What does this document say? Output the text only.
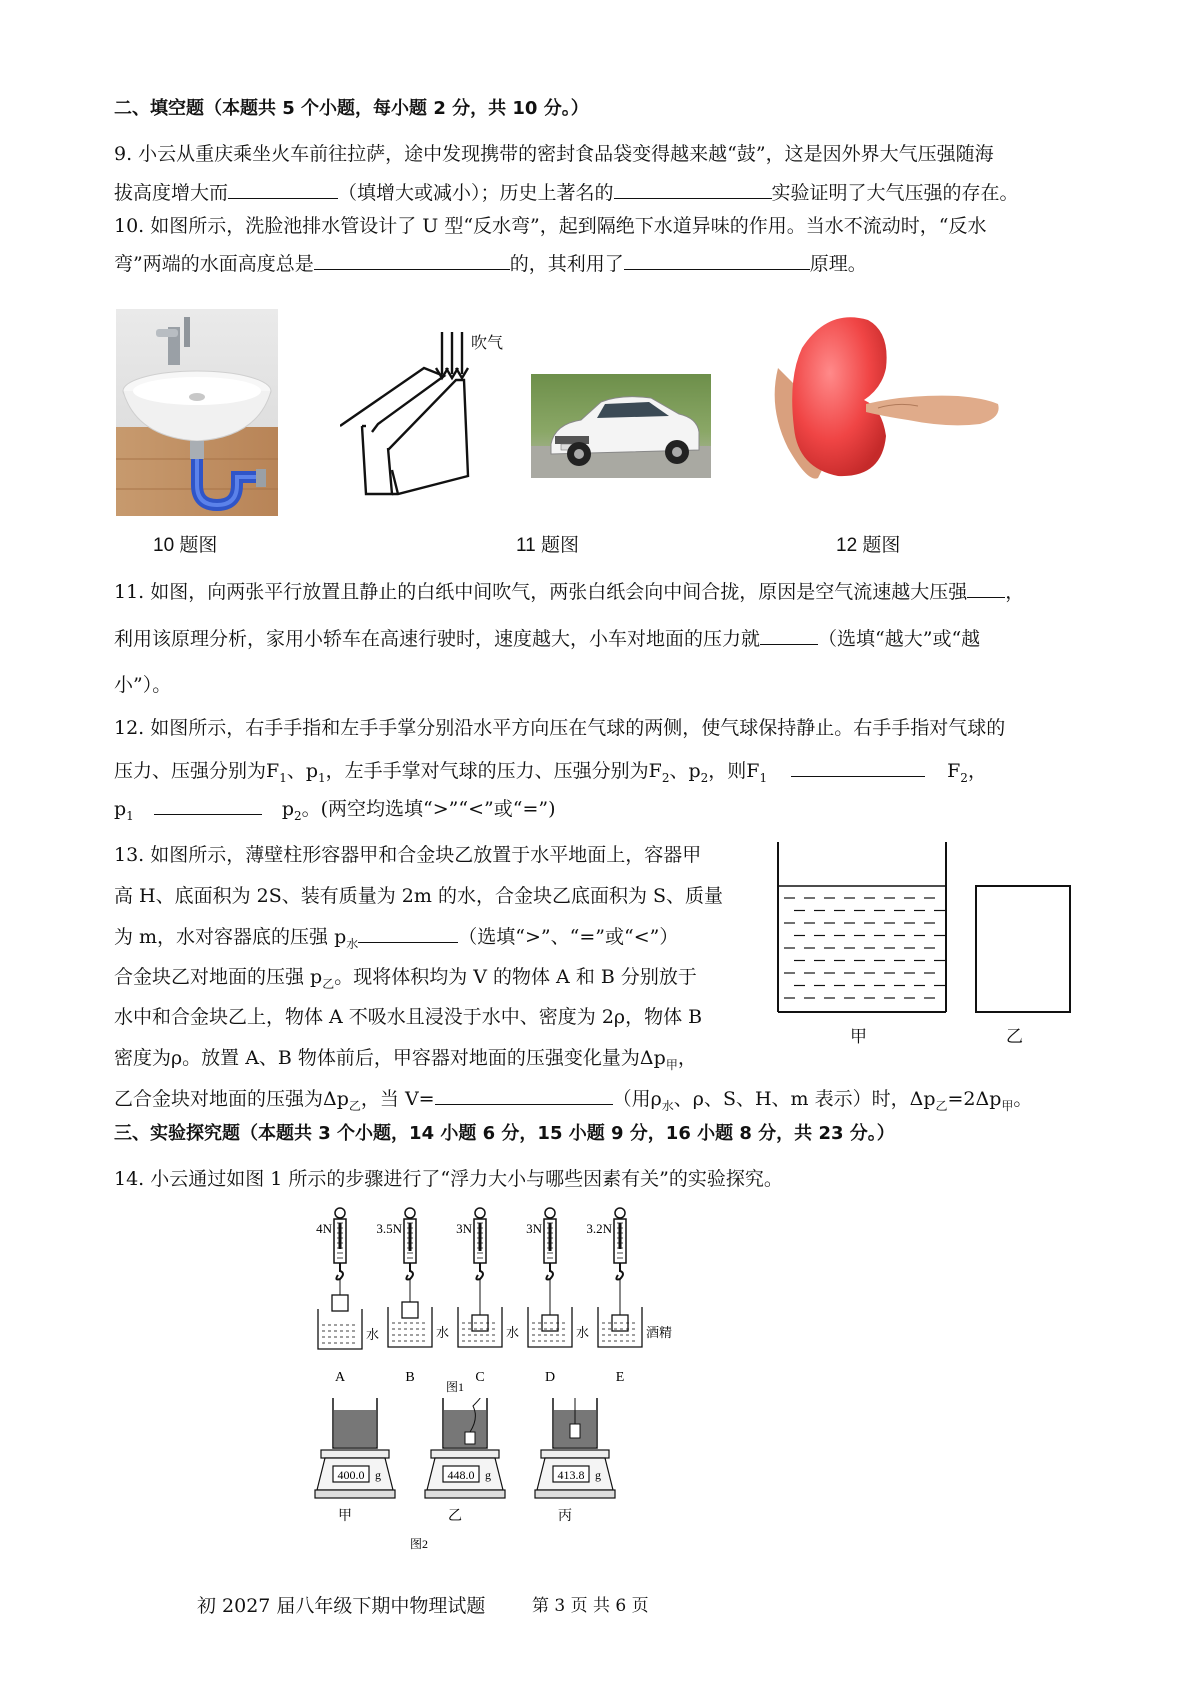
二、填空题（本题共 5 个小题，每小题 2 分，共 10 分。）
9. 小云从重庆乘坐火车前往拉萨，途中发现携带的密封食品袋变得越来越“鼓”，这是因外界大气压强随海
拔高度增大而	（填增大或减小）；历史上著名的	实验证明了大气压强的存在。
10. 如图所示，洗脸池排水管设计了 U 型“反水弯”，起到隔绝下水道异味的作用。当水不流动时，“反水
弯”两端的水面高度总是	的，其利用了	原理。
吹气
10 题图	11 题图	12 题图
11. 如图，向两张平行放置且静止的白纸中间吹气，两张白纸会向中间合拢，原因是空气流速越大压强 ，
利用该原理分析，家用小轿车在高速行驶时，速度越大，小车对地面的压力就	（选填“越大”或“越
小”）。
12. 如图所示，右手手指和左手手掌分别沿水平方向压在气球的两侧，使气球保持静止。右手手指对气球的
压力、压强分别为$F_1$、$p_1$，左手手掌对气球的压力、压强分别为$F_2$、$p_2$，则$F_1$	$F_2$，
$p_1$	$p_2$。(两空均选填“>”“<”或“=”)
13. 如图所示，薄壁柱形容器甲和合金块乙放置于水平地面上，容器甲
高 H、底面积为 2S、装有质量为 2m 的水，合金块乙底面积为 S、质量
为 m，水对容器底的压强 $p_水$	（选填“>”、“=”或“<”）
合金块乙对地面的压强 $p_乙$。现将体积均为 V 的物体 A 和 B 分别放于
水中和合金块乙上，物体 A 不吸水且浸没于水中、密度为 2ρ，物体 B
密度为ρ。放置 A、B 物体前后，甲容器对地面的压强变化量为$\Delta p_甲$，
乙合金块对地面的压强为$\Delta p_乙$，当 V=	（用$\rho_水$、ρ、S、H、m 表示）时，$\Delta p_乙=2\Delta p_甲$。
甲	乙
三、实验探究题（本题共 3 个小题，14 小题 6 分，15 小题 9 分，16 小题 8 分，共 23 分。）
14. 小云通过如图 1 所示的步骤进行了“浮力大小与哪些因素有关”的实验探究。
4N
A
水
3.5N
B
水
3N
C
水
3N
D
水
3.2N
E
酒精
图1
400.0 g
甲
448.0 g
乙
413.8 g
丙
图2
初 2027 届八年级下期中物理试题	第 3 页 共 6 页
